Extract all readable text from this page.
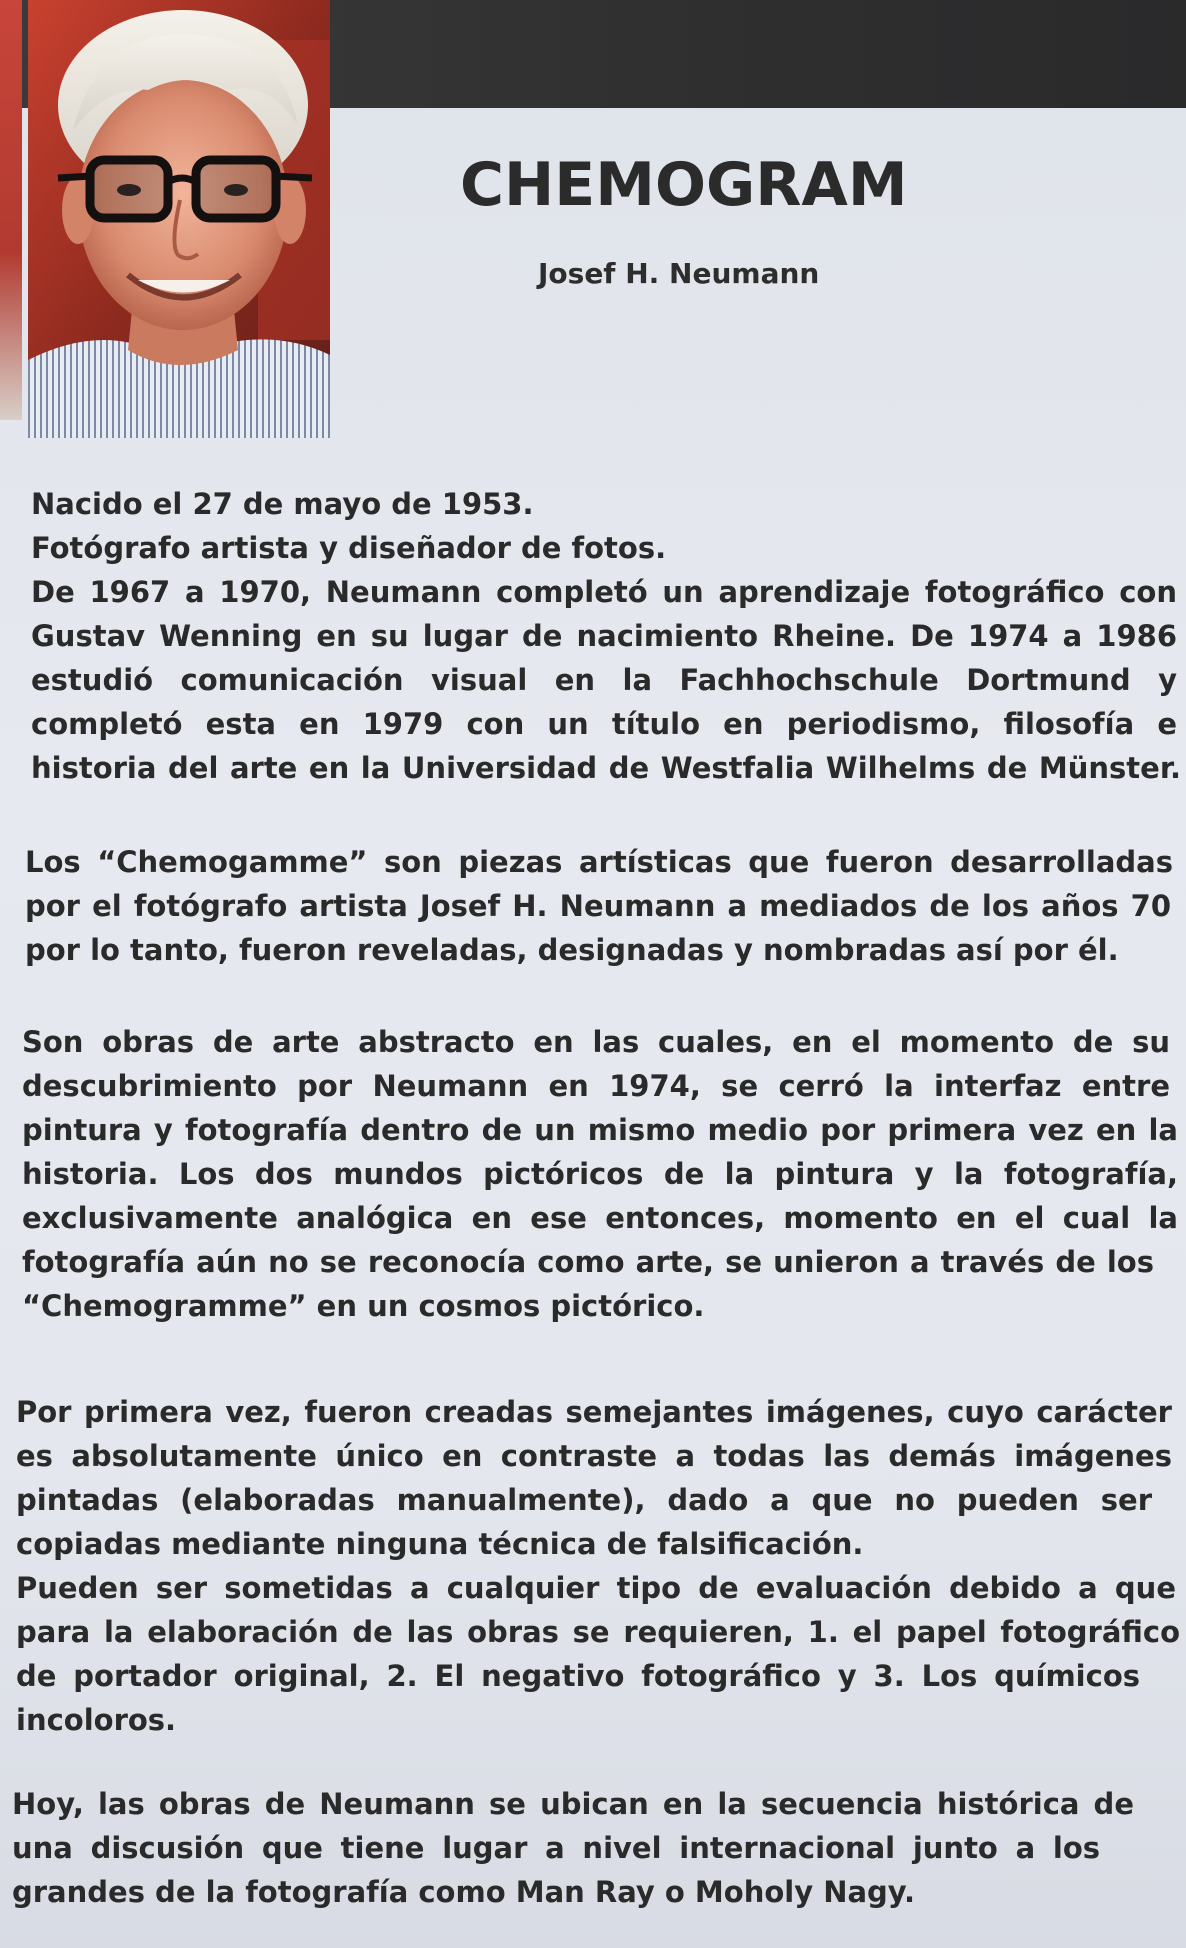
CHEMOGRAM
Josef H. Neumann
Nacido el 27 de mayo de 1953.
Fotógrafo artista y diseñador de fotos.
De 1967 a 1970, Neumann completó un aprendizaje fotográfico con
Gustav Wenning en su lugar de nacimiento Rheine. De 1974 a 1986
estudió comunicación visual en la Fachhochschule Dortmund y
completó esta en 1979 con un título en periodismo, filosofía e
historia del arte en la Universidad de Westfalia Wilhelms de Münster.
Los “Chemogamme” son piezas artísticas que fueron desarrolladas
por el fotógrafo artista Josef H. Neumann a mediados de los años 70
por lo tanto, fueron reveladas, designadas y nombradas así por él.
Son obras de arte abstracto en las cuales, en el momento de su
descubrimiento por Neumann en 1974, se cerró la interfaz entre
pintura y fotografía dentro de un mismo medio por primera vez en la
historia. Los dos mundos pictóricos de la pintura y la fotografía,
exclusivamente analógica en ese entonces, momento en el cual la
fotografía aún no se reconocía como arte, se unieron a través de los
“Chemogramme” en un cosmos pictórico.
Por primera vez, fueron creadas semejantes imágenes, cuyo carácter
es absolutamente único en contraste a todas las demás imágenes
pintadas (elaboradas manualmente), dado a que no pueden ser
copiadas mediante ninguna técnica de falsificación.
Pueden ser sometidas a cualquier tipo de evaluación debido a que
para la elaboración de las obras se requieren, 1. el papel fotográfico
de portador original, 2. El negativo fotográfico y 3. Los químicos
incoloros.
Hoy, las obras de Neumann se ubican en la secuencia histórica de
una discusión que tiene lugar a nivel internacional junto a los
grandes de la fotografía como Man Ray o Moholy Nagy.
